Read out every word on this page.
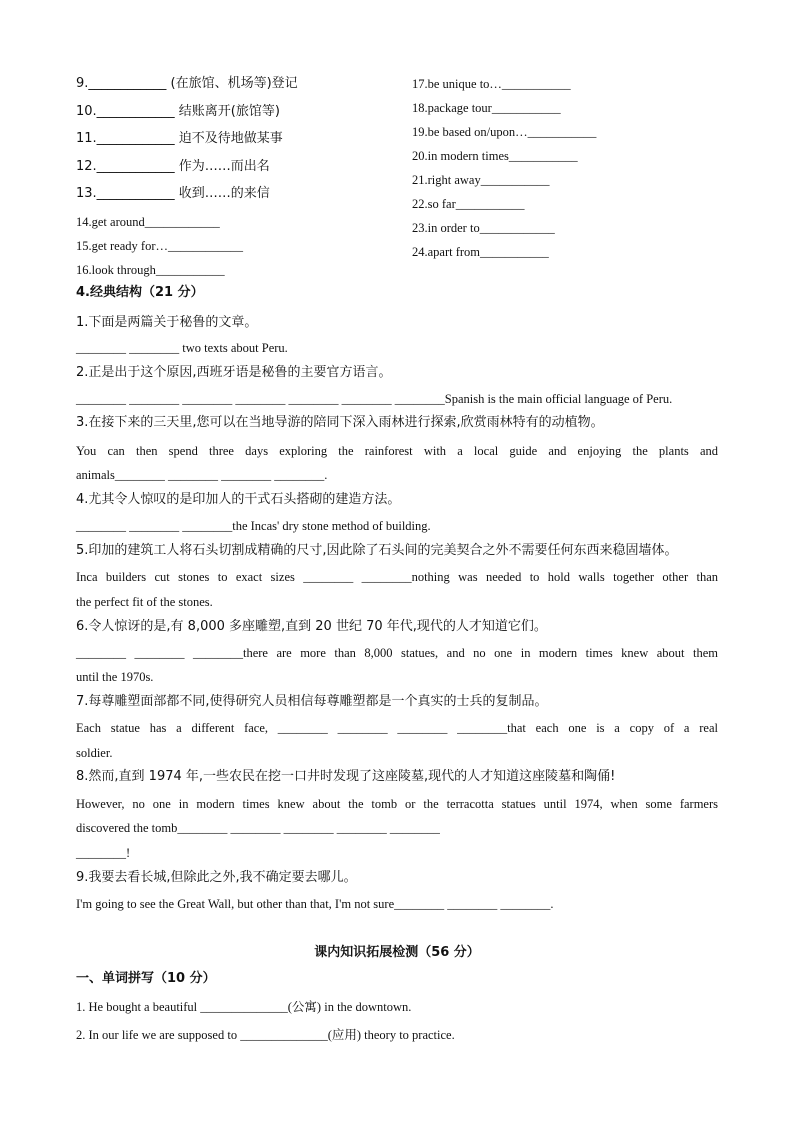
9.____________ (在旅馆、机场等)登记
10.____________ 结账离开(旅馆等)
11.____________ 迫不及待地做某事
12.____________ 作为……而出名
13.____________ 收到……的来信
14.get around____________
15.get ready for…____________
16.look through___________
17.be unique to…___________
18.package tour___________
19.be based on/upon…___________
20.in modern times___________
21.right away___________
22.so far___________
23.in order to____________
24.apart from___________
4.经典结构（21 分）
1.下面是两篇关于秘鲁的文章。
________ ________ two texts about Peru.
2.正是出于这个原因,西班牙语是秘鲁的主要官方语言。
________ ________ ________ ________ ________ ________ ________Spanish is the main official language of Peru.
3.在接下来的三天里,您可以在当地导游的陪同下深入雨林进行探索,欣赏雨林特有的动植物。
You can then spend three days exploring the rainforest with a local guide and enjoying the plants and
animals________ ________ ________ ________.
4.尤其令人惊叹的是印加人的干式石头搭砌的建造方法。
________ ________ ________the Incas' dry stone method of building.
5.印加的建筑工人将石头切割成精确的尺寸,因此除了石头间的完美契合之外不需要任何东西来稳固墙体。
Inca builders cut stones to exact sizes ________ ________nothing was needed to hold walls together other than
the perfect fit of the stones.
6.令人惊讶的是,有 8,000 多座雕塑,直到 20 世纪 70 年代,现代的人才知道它们。
________ ________ ________there are more than 8,000 statues, and no one in modern times knew about them
until the 1970s.
7.每尊雕塑面部都不同,使得研究人员相信每尊雕塑都是一个真实的士兵的复制品。
Each statue has a different face, ________ ________ ________ ________that each one is a copy of a real
soldier.
8.然而,直到 1974 年,一些农民在挖一口井时发现了这座陵墓,现代的人才知道这座陵墓和陶俑!
However, no one in modern times knew about the tomb or the terracotta statues until 1974, when some farmers
discovered the tomb________ ________ ________ ________ ________
________!
9.我要去看长城,但除此之外,我不确定要去哪儿。
I'm going to see the Great Wall, but other than that, I'm not sure________ ________ ________.
课内知识拓展检测（56 分）
一、单词拼写（10 分）
1. He bought a beautiful ______________(公寓) in the downtown.
2. In our life we are supposed to ______________(应用) theory to practice.
